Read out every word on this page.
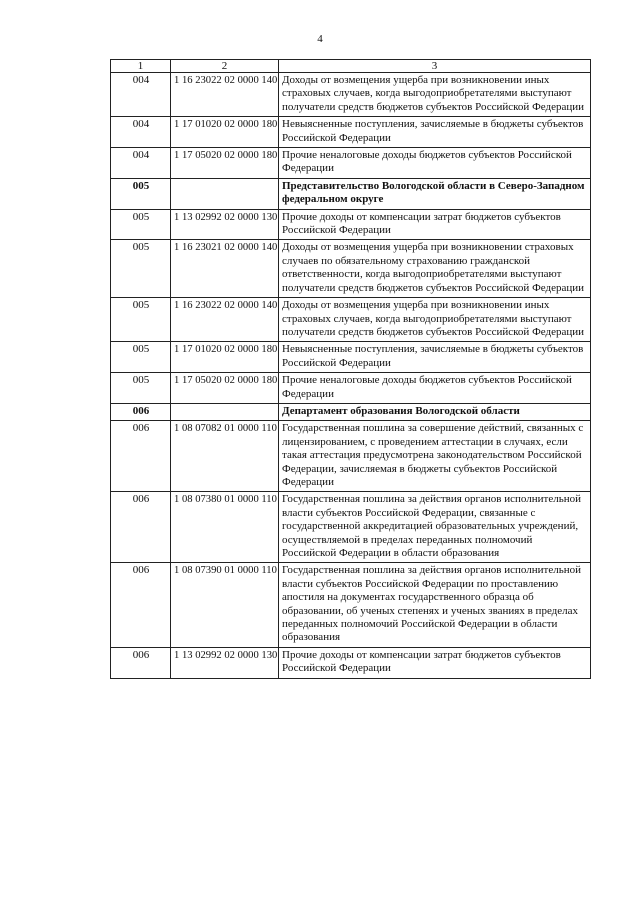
4
1	2	3
004	1 16 23022 02 0000 140	Доходы от возмещения ущерба при возникновении иных страховых случаев, когда выгодоприобретателями выступают получатели средств бюджетов субъектов Российской Федерации
004	1 17 01020 02 0000 180	Невыясненные поступления, зачисляемые в бюджеты субъектов Российской Федерации
004	1 17 05020 02 0000 180	Прочие неналоговые доходы бюджетов субъектов Российской Федерации
005		Представительство Вологодской области в Северо-Западном федеральном округе
005	1 13 02992 02 0000 130	Прочие доходы от компенсации затрат бюджетов субъектов Российской Федерации
005	1 16 23021 02 0000 140	Доходы от возмещения ущерба при возникновении страховых случаев по обязательному страхованию гражданской ответственности, когда выгодоприобретателями выступают получатели средств бюджетов субъектов Российской Федерации
005	1 16 23022 02 0000 140	Доходы от возмещения ущерба при возникновении иных страховых случаев, когда выгодоприобретателями выступают получатели средств бюджетов субъектов Российской Федерации
005	1 17 01020 02 0000 180	Невыясненные поступления, зачисляемые в бюджеты субъектов Российской Федерации
005	1 17 05020 02 0000 180	Прочие неналоговые доходы бюджетов субъектов Российской Федерации
006		Департамент образования Вологодской области
006	1 08 07082 01 0000 110	Государственная пошлина за совершение действий, связанных с лицензированием, с проведением аттестации в случаях, если такая аттестация предусмотрена законодательством Российской Федерации, зачисляемая в бюджеты субъектов Российской Федерации
006	1 08 07380 01 0000 110	Государственная пошлина за действия органов исполнительной власти субъектов Российской Федерации, связанные с государственной аккредитацией образовательных учреждений, осуществляемой в пределах переданных полномочий Российской Федерации в области образования
006	1 08 07390 01 0000 110	Государственная пошлина за действия органов исполнительной власти субъектов Российской Федерации по проставлению апостиля на документах государственного образца об образовании, об ученых степенях и ученых званиях в пределах переданных полномочий Российской Федерации в области образования
006	1 13 02992 02 0000 130	Прочие доходы от компенсации затрат бюджетов субъектов Российской Федерации
